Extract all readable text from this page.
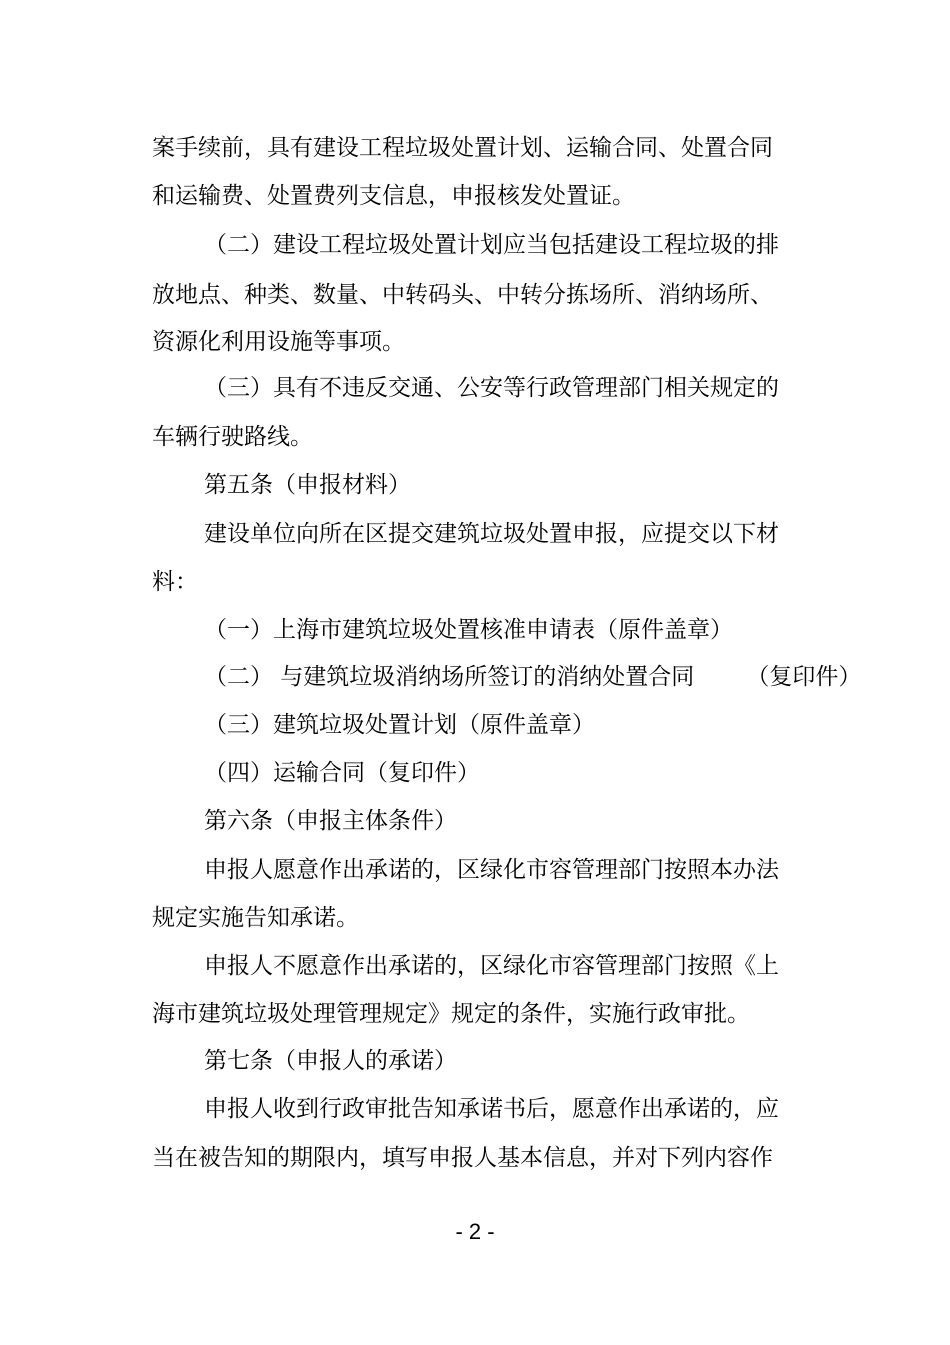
案手续前，具有建设工程垃圾处置计划、运输合同、处置合同
和运输费、处置费列支信息，申报核发处置证。
（二）建设工程垃圾处置计划应当包括建设工程垃圾的排
放地点、种类、数量、中转码头、中转分拣场所、消纳场所、
资源化利用设施等事项。
（三）具有不违反交通、公安等行政管理部门相关规定的
车辆行驶路线。
第五条（申报材料）
建设单位向所在区提交建筑垃圾处置申报，应提交以下材
料：
（一）上海市建筑垃圾处置核准申请表（原件盖章）
（二） 与建筑垃圾消纳场所签订的消纳处置合同 （复印件）
（三）建筑垃圾处置计划（原件盖章）
（四）运输合同（复印件）
第六条（申报主体条件）
申报人愿意作出承诺的，区绿化市容管理部门按照本办法
规定实施告知承诺。
申报人不愿意作出承诺的，区绿化市容管理部门按照《上
海市建筑垃圾处理管理规定》规定的条件，实施行政审批。
第七条（申报人的承诺）
申报人收到行政审批告知承诺书后，愿意作出承诺的，应
当在被告知的期限内，填写申报人基本信息，并对下列内容作
- 2 -
